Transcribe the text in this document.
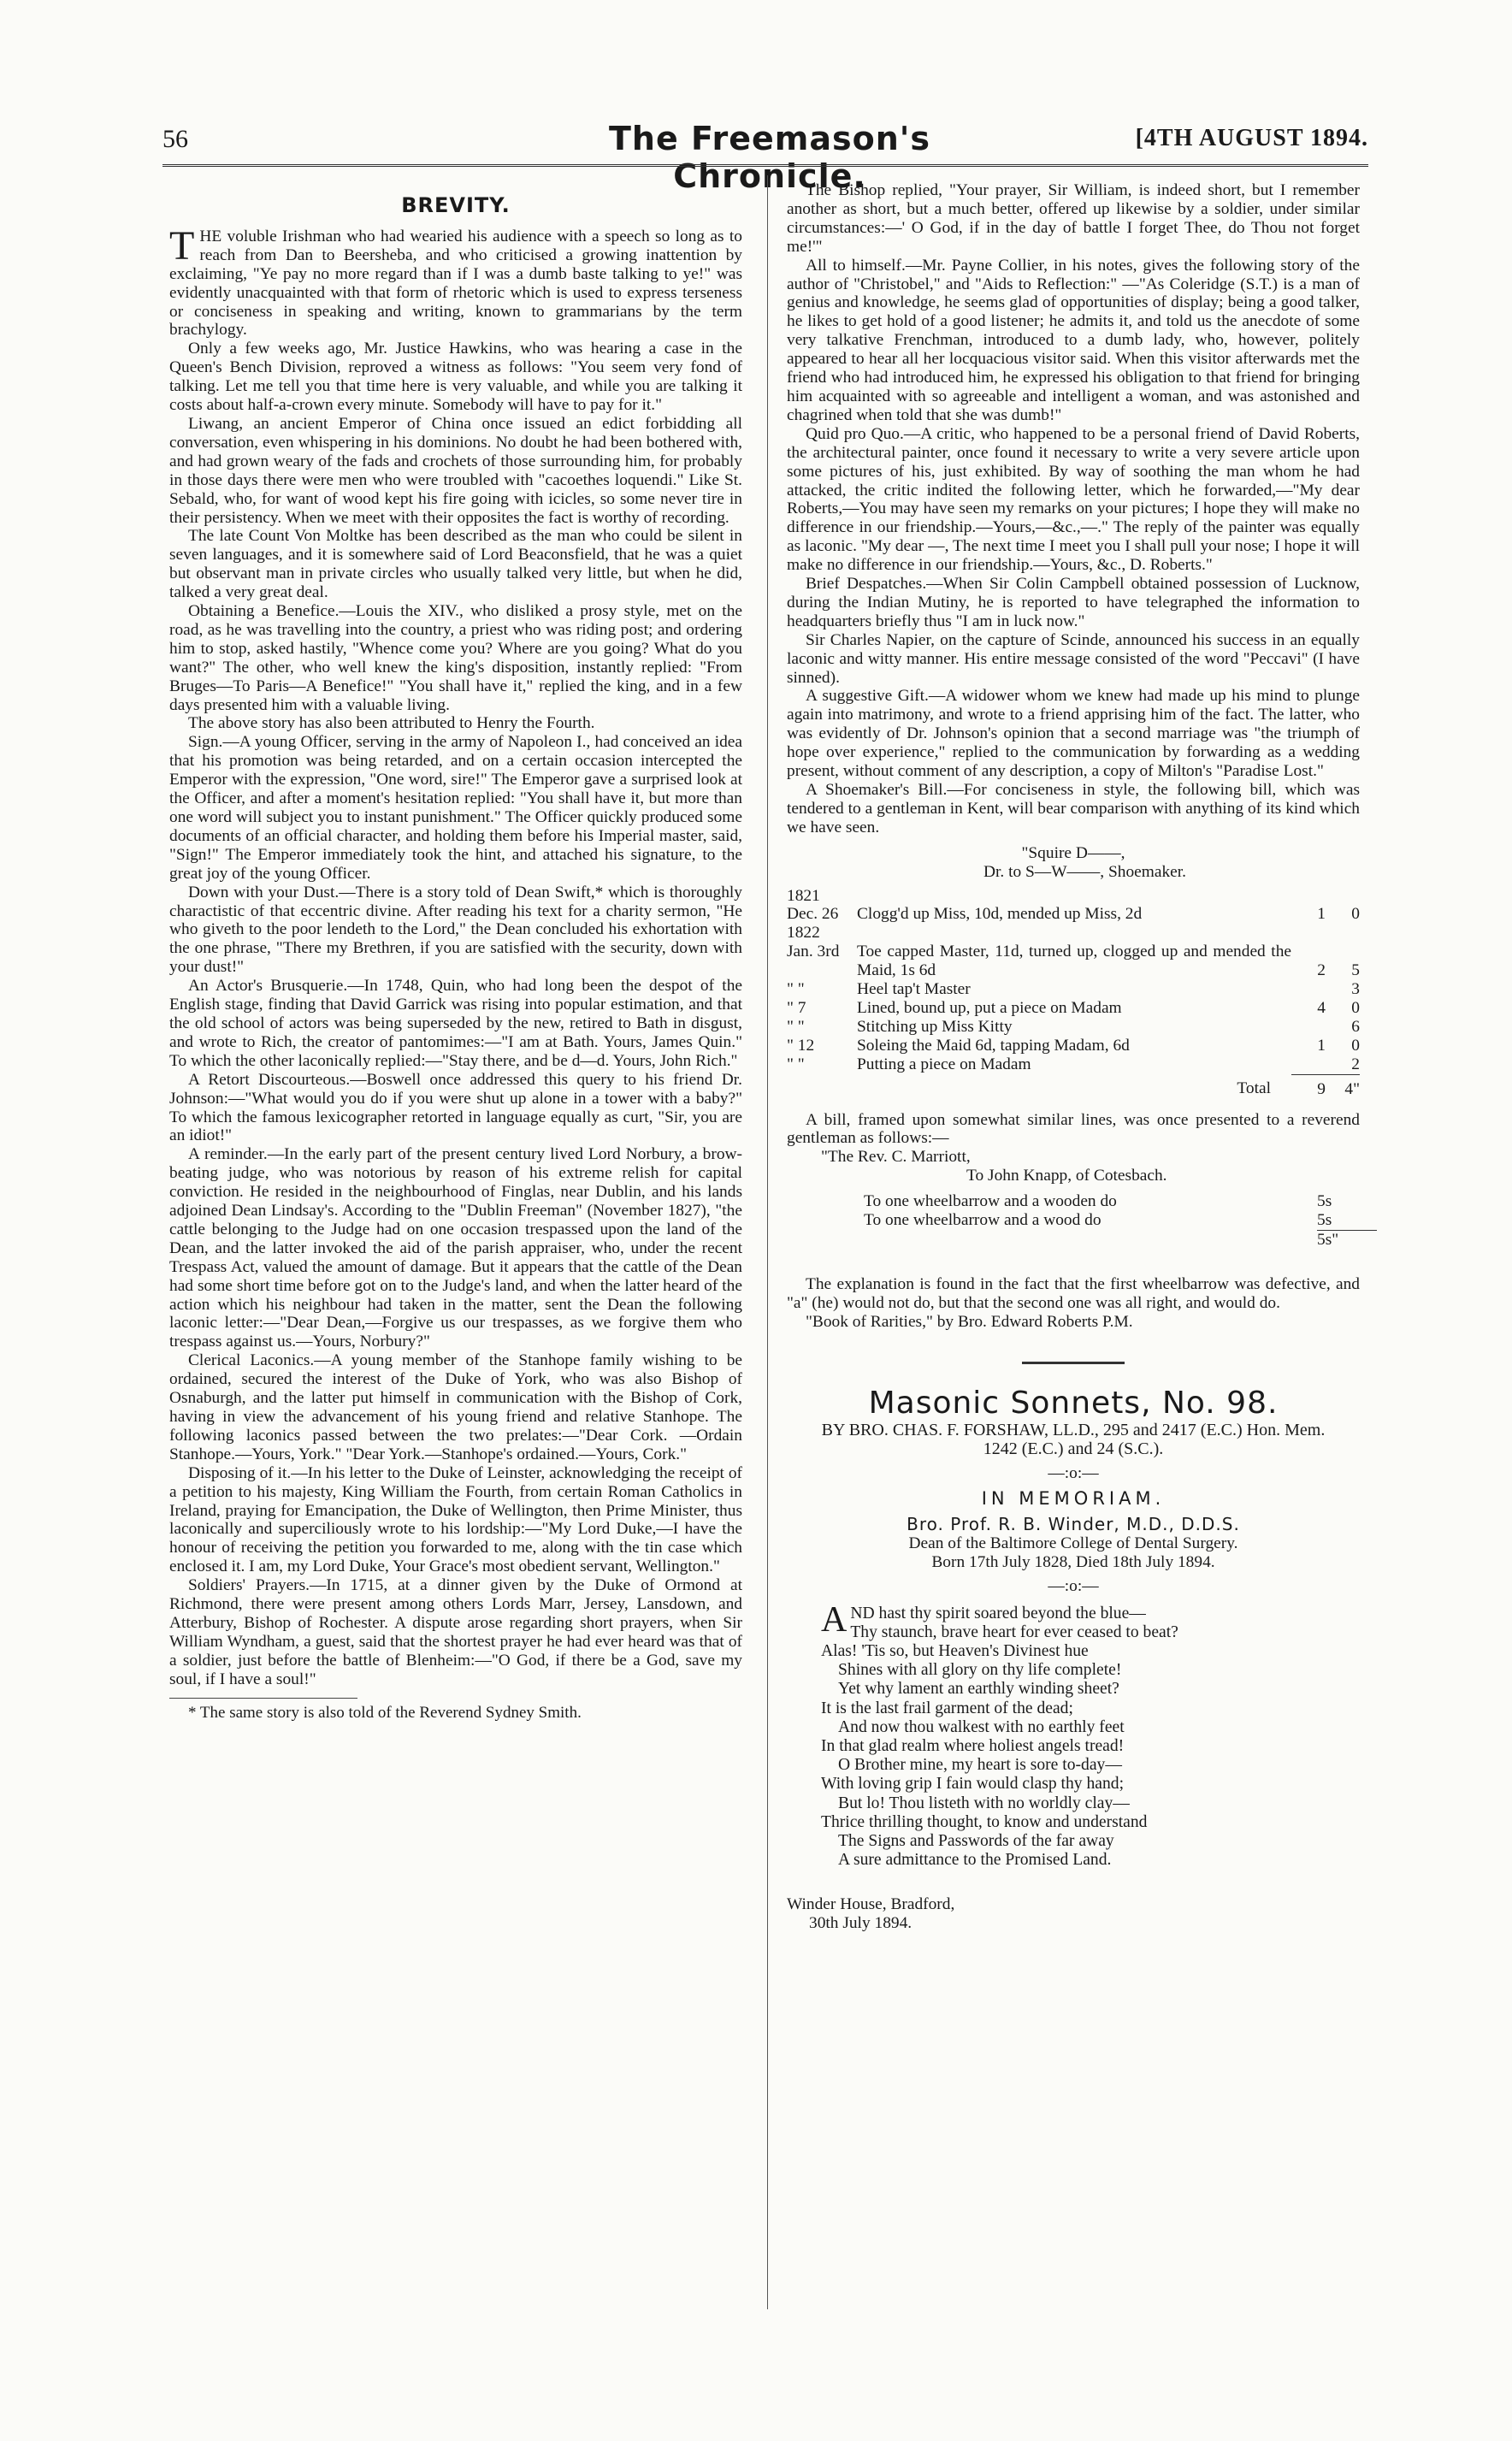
56	The Freemason's Chronicle.
[4TH AUGUST 1894.
BREVITY.

THE voluble Irishman who had wearied his audience with a speech so long as to reach from Dan to Beersheba, and who criticised a growing inattention by exclaiming, "Ye pay no more regard than if I was a dumb baste talking to ye!" was evidently unacquainted with that form of rhetoric which is used to express terseness or conciseness in speaking and writing, known to grammarians by the term brachylogy.

Only a few weeks ago, Mr. Justice Hawkins, who was hearing a case in the Queen's Bench Division, reproved a witness as follows: "You seem very fond of talking. Let me tell you that time here is very valuable, and while you are talking it costs about half-a-crown every minute. Somebody will have to pay for it."

Liwang, an ancient Emperor of China once issued an edict forbidding all conversation, even whispering in his dominions. No doubt he had been bothered with, and had grown weary of the fads and crochets of those surrounding him, for probably in those days there were men who were troubled with "cacoethes loquendi." Like St. Sebald, who, for want of wood kept his fire going with icicles, so some never tire in their persistency. When we meet with their opposites the fact is worthy of recording.

The late Count Von Moltke has been described as the man who could be silent in seven languages, and it is somewhere said of Lord Beaconsfield, that he was a quiet but observant man in private circles who usually talked very little, but when he did, talked a very great deal.

Obtaining a Benefice.—Louis the XIV., who disliked a prosy style, met on the road, as he was travelling into the country, a priest who was riding post; and ordering him to stop, asked hastily, "Whence come you? Where are you going? What do you want?" The other, who well knew the king's disposition, instantly replied: "From Bruges—To Paris—A Benefice!" "You shall have it," replied the king, and in a few days presented him with a valuable living.

The above story has also been attributed to Henry the Fourth.

Sign.—A young Officer, serving in the army of Napoleon I., had conceived an idea that his promotion was being retarded, and on a certain occasion intercepted the Emperor with the expression, "One word, sire!" The Emperor gave a surprised look at the Officer, and after a moment's hesitation replied: "You shall have it, but more than one word will subject you to instant punishment." The Officer quickly produced some documents of an official character, and holding them before his Imperial master, said, "Sign!" The Emperor immediately took the hint, and attached his signature, to the great joy of the young Officer.

Down with your Dust.—There is a story told of Dean Swift,* which is thoroughly charactistic of that eccentric divine. After reading his text for a charity sermon, "He who giveth to the poor lendeth to the Lord," the Dean concluded his exhortation with the one phrase, "There my Brethren, if you are satisfied with the security, down with your dust!"

An Actor's Brusquerie.—In 1748, Quin, who had long been the despot of the English stage, finding that David Garrick was rising into popular estimation, and that the old school of actors was being superseded by the new, retired to Bath in disgust, and wrote to Rich, the creator of pantomimes:—"I am at Bath. Yours, James Quin." To which the other laconically replied:—"Stay there, and be d—d. Yours, John Rich."

A Retort Discourteous.—Boswell once addressed this query to his friend Dr. Johnson:—"What would you do if you were shut up alone in a tower with a baby?" To which the famous lexicographer retorted in language equally as curt, "Sir, you are an idiot!"

A reminder.—In the early part of the present century lived Lord Norbury, a brow-beating judge, who was notorious by reason of his extreme relish for capital conviction. He resided in the neighbourhood of Finglas, near Dublin, and his lands adjoined Dean Lindsay's. According to the "Dublin Freeman" (November 1827), "the cattle belonging to the Judge had on one occasion trespassed upon the land of the Dean, and the latter invoked the aid of the parish appraiser, who, under the recent Trespass Act, valued the amount of damage. But it appears that the cattle of the Dean had some short time before got on to the Judge's land, and when the latter heard of the action which his neighbour had taken in the matter, sent the Dean the following laconic letter:—"Dear Dean,—Forgive us our trespasses, as we forgive them who trespass against us.—Yours, Norbury?"

Clerical Laconics.—A young member of the Stanhope family wishing to be ordained, secured the interest of the Duke of York, who was also Bishop of Osnaburgh, and the latter put himself in communication with the Bishop of Cork, having in view the advancement of his young friend and relative Stanhope. The following laconics passed between the two prelates:—"Dear Cork. —Ordain Stanhope.—Yours, York." "Dear York.—Stanhope's ordained.—Yours, Cork."

Disposing of it.—In his letter to the Duke of Leinster, acknowledging the receipt of a petition to his majesty, King William the Fourth, from certain Roman Catholics in Ireland, praying for Emancipation, the Duke of Wellington, then Prime Minister, thus laconically and superciliously wrote to his lordship:—"My Lord Duke,—I have the honour of receiving the petition you forwarded to me, along with the tin case which enclosed it. I am, my Lord Duke, Your Grace's most obedient servant, Wellington."

Soldiers' Prayers.—In 1715, at a dinner given by the Duke of Ormond at Richmond, there were present among others Lords Marr, Jersey, Lansdown, and Atterbury, Bishop of Rochester. A dispute arose regarding short prayers, when Sir William Wyndham, a guest, said that the shortest prayer he had ever heard was that of a soldier, just before the battle of Blenheim:—"O God, if there be a God, save my soul, if I have a soul!"

* The same story is also told of the Reverend Sydney Smith.

The Bishop replied, "Your prayer, Sir William, is indeed short, but I remember another as short, but a much better, offered up likewise by a soldier, under similar circumstances:—' O God, if in the day of battle I forget Thee, do Thou not forget me!'"

All to himself.—Mr. Payne Collier, in his notes, gives the following story of the author of "Christobel," and "Aids to Reflection:" —"As Coleridge (S.T.) is a man of genius and knowledge, he seems glad of opportunities of display; being a good talker, he likes to get hold of a good listener; he admits it, and told us the anecdote of some very talkative Frenchman, introduced to a dumb lady, who, however, politely appeared to hear all her locquacious visitor said. When this visitor afterwards met the friend who had introduced him, he expressed his obligation to that friend for bringing him acquainted with so agreeable and intelligent a woman, and was astonished and chagrined when told that she was dumb!"

Quid pro Quo.—A critic, who happened to be a personal friend of David Roberts, the architectural painter, once found it necessary to write a very severe article upon some pictures of his, just exhibited. By way of soothing the man whom he had attacked, the critic indited the following letter, which he forwarded,—"My dear Roberts,—You may have seen my remarks on your pictures; I hope they will make no difference in our friendship.—Yours,—&c.,—." The reply of the painter was equally as laconic. "My dear —, The next time I meet you I shall pull your nose; I hope it will make no difference in our friendship.—Yours, &c., D. Roberts."

Brief Despatches.—When Sir Colin Campbell obtained possession of Lucknow, during the Indian Mutiny, he is reported to have telegraphed the information to headquarters briefly thus "I am in luck now."

Sir Charles Napier, on the capture of Scinde, announced his success in an equally laconic and witty manner. His entire message consisted of the word "Peccavi" (I have sinned).

A suggestive Gift.—A widower whom we knew had made up his mind to plunge again into matrimony, and wrote to a friend apprising him of the fact. The latter, who was evidently of Dr. Johnson's opinion that a second marriage was "the triumph of hope over experience," replied to the communication by forwarding as a wedding present, without comment of any description, a copy of Milton's "Paradise Lost."

A Shoemaker's Bill.—For conciseness in style, the following bill, which was tendered to a gentleman in Kent, will bear comparison with anything of its kind which we have seen.

"Squire D——,
Dr. to S—W——, Shoemaker.
1821			
Dec. 26	Clogg'd up Miss, 10d, mended up Miss, 2d	1	0
1822			
Jan. 3rd	Toe capped Master, 11d, turned up, clogged up and mended the Maid, 1s 6d	2	5
" "	Heel tap't Master		3
" 7	Lined, bound up, put a piece on Madam	4	0
" "	Stitching up Miss Kitty		6
" 12	Soleing the Maid 6d, tapping Madam, 6d	1	0
" "	Putting a piece on Madam		2
	Total	9	4"

A bill, framed upon somewhat similar lines, was once presented to a reverend gentleman as follows:—

"The Rev. C. Marriott,
To John Knapp, of Cotesbach.
To one wheelbarrow and a wooden do	5s
To one wheelbarrow and a wood do	5s
	5s"

The explanation is found in the fact that the first wheelbarrow was defective, and "a" (he) would not do, but that the second one was all right, and would do.

"Book of Rarities," by Bro. Edward Roberts P.M.

Masonic Sonnets, No. 98.
BY BRO. CHAS. F. FORSHAW, LL.D., 295 and 2417 (E.C.) Hon. Mem.
1242 (E.C.) and 24 (S.C.).
—:o:—
IN MEMORIAM.
Bro. Prof. R. B. Winder, M.D., D.D.S.
Dean of the Baltimore College of Dental Surgery.
Born 17th July 1828, Died 18th July 1894.
—:o:—
AND hast thy spirit soared beyond the blue—
Thy staunch, brave heart for ever ceased to beat?
Alas! 'Tis so, but Heaven's Divinest hue
Shines with all glory on thy life complete!
Yet why lament an earthly winding sheet?
It is the last frail garment of the dead;
And now thou walkest with no earthly feet
In that glad realm where holiest angels tread!
O Brother mine, my heart is sore to-day—
With loving grip I fain would clasp thy hand;
But lo! Thou listeth with no worldly clay—
Thrice thrilling thought, to know and understand
The Signs and Passwords of the far away
A sure admittance to the Promised Land.
Winder House, Bradford,
30th July 1894.
